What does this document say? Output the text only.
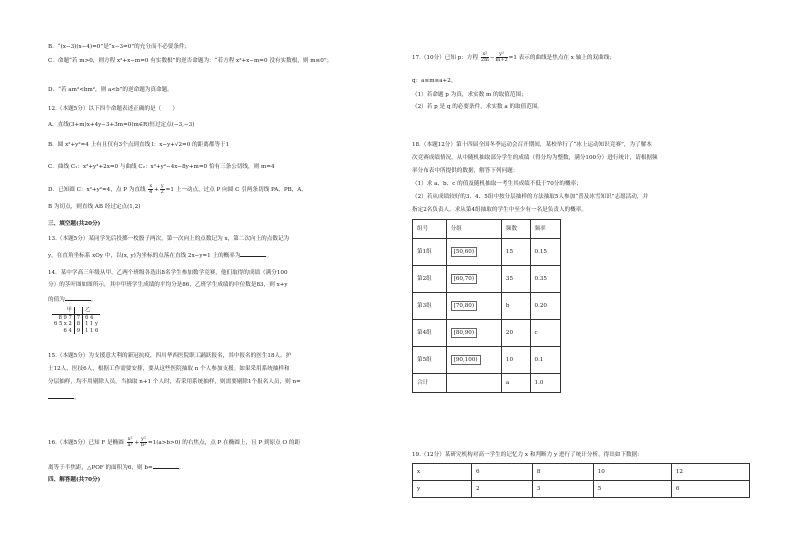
B．“(x−3)(x−4)=0”是“x−3=0”的充分而不必要条件；
C．命题“若 m>0，则方程 x²+x−m=0 有实数根”的逆否命题为：“若方程 x²+x−m=0 没有实数根，则 m≤0”；
D．“若 am²<bm²，则 a<b”的逆命题为真命题。
12.（本题5分）以下四个命题表述正确的是（　　）
A．直线(3+m)x+4y−3+3m=0(m∈R)恒过定点(−3,−3)
B．圆 x²+y²=4 上有且仅有3个点到直线 l：x−y+√2=0 的距离都等于1
C．曲线 C₁：x²+y²+2x=0 与曲线 C₂：x²+y²−4x−8y+m=0 恰有三条公切线，则 m=4
D．已知圆 C：x²+y²=4，点 P 为直线 $\frac{x}{4} + \frac{y}{2} =1$ 上一动点，过点 P 向圆 C 引两条切线 PA、PB，A、
B 为切点，则直线 AB 经过定点(1,2)
三、填空题(共20分)
13.（本题5分）某同学先后投掷一枚骰子两次，第一次向上的点数记为 x，第二次向上的点数记为
y，在直角坐标系 xOy 中，以(x, y)为坐标的点落在直线 2x−y=1 上的概率为	。
14．某中学高三年级从甲、乙两个班级各选出8名学生参加数学竞赛，他们取得的成绩（满分100
分）的茎叶图如图所示，其中甲班学生成绩的平均分是86，乙班学生成绩的中位数是83，则 x+y
的值为	。
甲		乙
8 9 7	7	6 4
6 5 x 2	8	1 1 y
6 4	9	1 1 6
15.（本题5分）为支援意大利的新冠抗疫，四川华西医院职工踊跃报名，其中报名的医生18人，护
士12人，医技6人，根据工作需要安排，要从这些医院抽取 n 个人参加支援。如果采用系统抽样和
分层抽样，均不用剔除人员，当抽取 n+1 个人时，若采用系统抽样，则需要剔除1个报名人员，则 n=
。
16.（本题5分）已知 F 是椭圆 $\frac{\text{x²}}{\text{a²}} + \frac{\text{y²}}{\text{b²}} =1(a>b>0)$ 的右焦点，点 P 在椭圆上，且 P 到原点 O 的距
离等于半焦距，△POF 的面积为6，则 b=	。
四、解答题(共70分)
17.（10分）已知 p：方程 $\frac{\text{x²}}{2m} - \frac{\text{y²}}{m+2} =1$ 表示的曲线是焦点在 x 轴上的双曲线；
q：a≤m≤a+2。
（1）若命题 p 为真，求实数 m 的取值范围；
（2）若 p 是 q 的必要条件，求实数 a 的取值范围。
18.（本题12分）第十四届全国冬季运动会召开期间，某校举行了“冰上运动知识竞赛”，为了解本
次竞赛成绩情况，从中随机抽取部分学生的成绩（得分均为整数，满分100分）进行统计，请根据频
率分布表中所提供的数据，解答下列问题：
（1）求 a、b、c 的值及随机抽取一考生其成绩不低于70分的概率；
（2）若从成绩较好的3、4、5组中按分层抽样的方法抽取5人参加“普及冰雪知识”志愿活动，并
指定2名负责人，求从第4组抽取的学生中至少有一名是负责人的概率。
组号	分组	频数	频率
第1组	[50,60)	15	0.15
第2组	[60,70)	35	0.35
第3组	[70,80)	b	0.20
第4组	[80,90)	20	c
第5组	[90,100)	10	0.1
合计		a	1.0
19.（12分）某研究机构对高一学生的记忆力 x 和判断力 y 进行了统计分析，得出如下数据：
x	6	8	10	12
y	2	3	5	6
